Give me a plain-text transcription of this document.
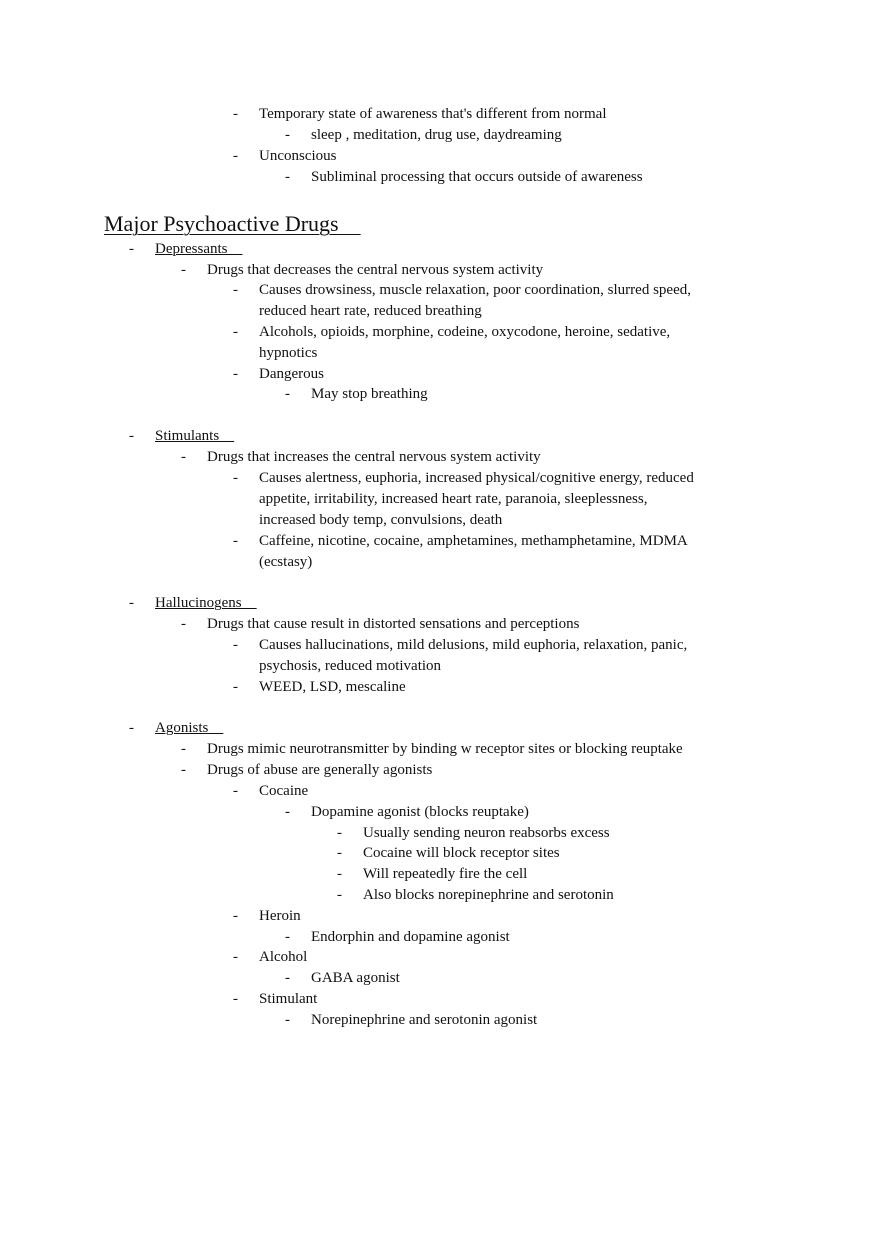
- Temporary state of awareness that's different from normal
- sleep , meditation, drug use, daydreaming
- Unconscious
- Subliminal processing that occurs outside of awareness
Major Psychoactive Drugs
- Depressants
- Drugs that decreases the central nervous system activity
- Causes drowsiness, muscle relaxation, poor coordination, slurred speed,
reduced heart rate, reduced breathing
- Alcohols, opioids, morphine, codeine, oxycodone, heroine, sedative,
hypnotics
- Dangerous
- May stop breathing
- Stimulants
- Drugs that increases the central nervous system activity
- Causes alertness, euphoria, increased physical/cognitive energy, reduced
appetite, irritability, increased heart rate, paranoia, sleeplessness,
increased body temp, convulsions, death
- Caffeine, nicotine, cocaine, amphetamines, methamphetamine, MDMA
(ecstasy)
- Hallucinogens
- Drugs that cause result in distorted sensations and perceptions
- Causes hallucinations, mild delusions, mild euphoria, relaxation, panic,
psychosis, reduced motivation
- WEED, LSD, mescaline
- Agonists
- Drugs mimic neurotransmitter by binding w receptor sites or blocking reuptake
- Drugs of abuse are generally agonists
- Cocaine
- Dopamine agonist (blocks reuptake)
- Usually sending neuron reabsorbs excess
- Cocaine will block receptor sites
- Will repeatedly fire the cell
- Also blocks norepinephrine and serotonin
- Heroin
- Endorphin and dopamine agonist
- Alcohol
- GABA agonist
- Stimulant
- Norepinephrine and serotonin agonist
